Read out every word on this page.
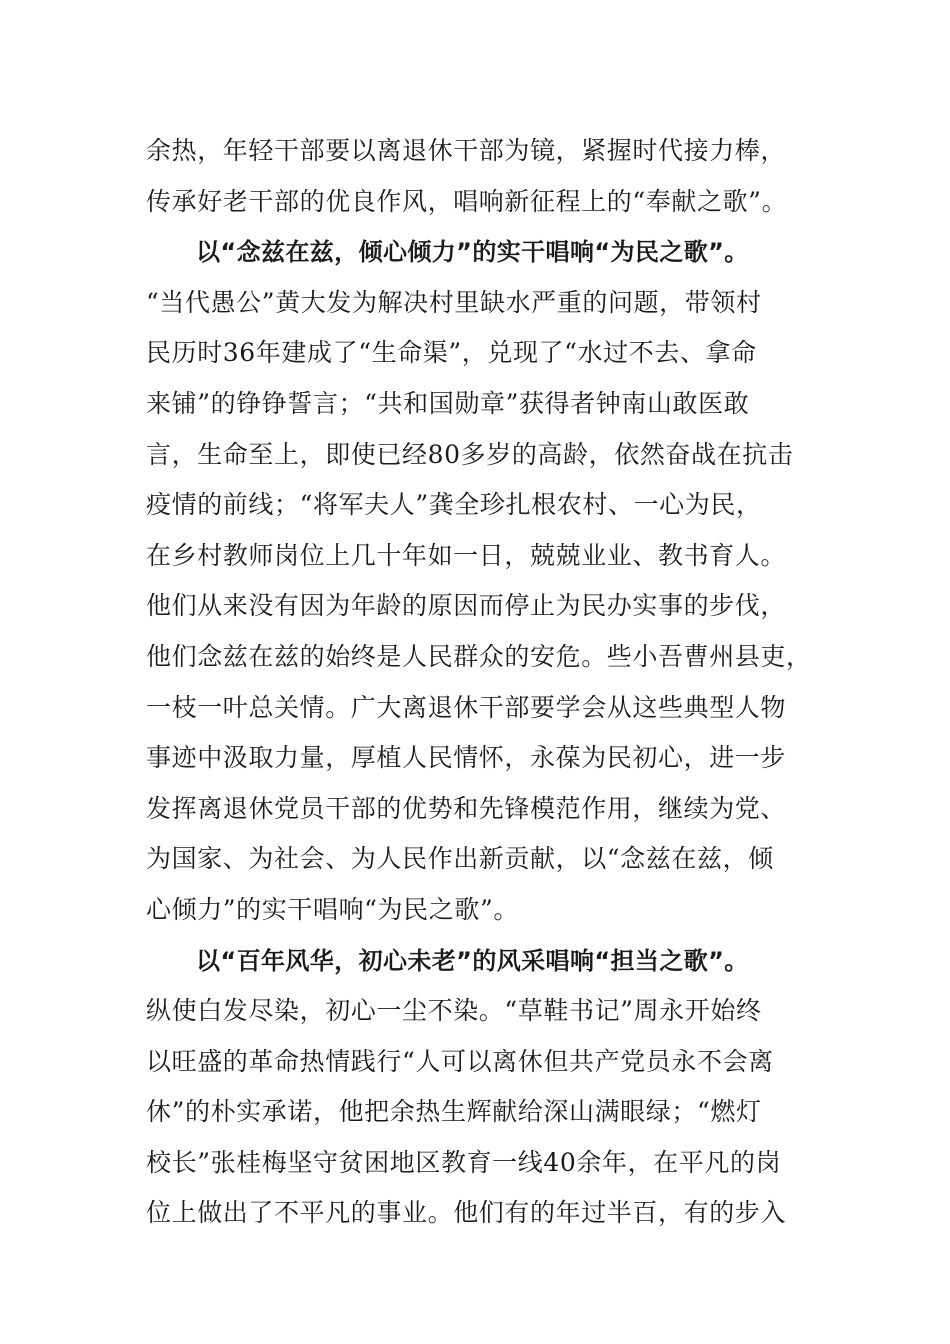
余热，年轻干部要以离退休干部为镜，紧握时代接力棒，
传承好老干部的优良作风，唱响新征程上的“奉献之歌”。
以“念兹在兹，倾心倾力”的实干唱响“为民之歌”。
“当代愚公”黄大发为解决村里缺水严重的问题，带领村
民历时36年建成了“生命渠”，兑现了“水过不去、拿命
来铺”的铮铮誓言；“共和国勋章”获得者钟南山敢医敢
言，生命至上，即使已经80多岁的高龄，依然奋战在抗击
疫情的前线；“将军夫人”龚全珍扎根农村、一心为民，
在乡村教师岗位上几十年如一日，兢兢业业、教书育人。
他们从来没有因为年龄的原因而停止为民办实事的步伐，
他们念兹在兹的始终是人民群众的安危。些小吾曹州县吏，
一枝一叶总关情。广大离退休干部要学会从这些典型人物
事迹中汲取力量，厚植人民情怀，永葆为民初心，进一步
发挥离退休党员干部的优势和先锋模范作用，继续为党、
为国家、为社会、为人民作出新贡献，以“念兹在兹，倾
心倾力”的实干唱响“为民之歌”。
以“百年风华，初心未老”的风采唱响“担当之歌”。
纵使白发尽染，初心一尘不染。“草鞋书记”周永开始终
以旺盛的革命热情践行“人可以离休但共产党员永不会离
休”的朴实承诺，他把余热生辉献给深山满眼绿；“燃灯
校长”张桂梅坚守贫困地区教育一线40余年，在平凡的岗
位上做出了不平凡的事业。他们有的年过半百，有的步入
